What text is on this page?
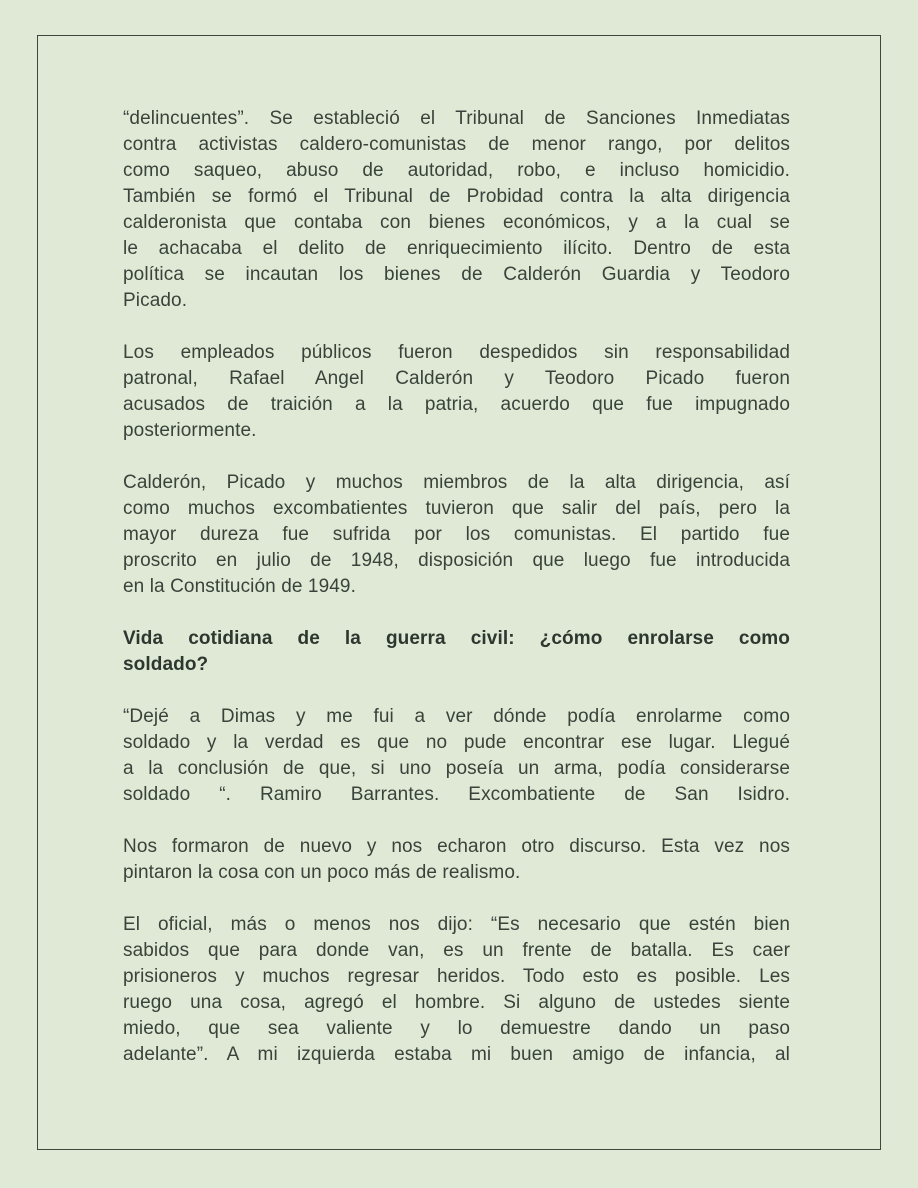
“delincuentes”. Se estableció el Tribunal de Sanciones Inmediatas
contra activistas caldero-comunistas de menor rango, por delitos
como saqueo, abuso de autoridad, robo, e incluso homicidio.
También se formó el Tribunal de Probidad contra la alta dirigencia
calderonista que contaba con bienes económicos, y a la cual se
le achacaba el delito de enriquecimiento ilícito. Dentro de esta
política se incautan los bienes de Calderón Guardia y Teodoro
Picado.
Los empleados públicos fueron despedidos sin responsabilidad
patronal, Rafael Angel Calderón y Teodoro Picado fueron
acusados de traición a la patria, acuerdo que fue impugnado
posteriormente.
Calderón, Picado y muchos miembros de la alta dirigencia, así
como muchos excombatientes tuvieron que salir del país, pero la
mayor dureza fue sufrida por los comunistas. El partido fue
proscrito en julio de 1948, disposición que luego fue introducida
en la Constitución de 1949.
Vida cotidiana de la guerra civil: ¿cómo enrolarse como
soldado?
“Dejé a Dimas y me fui a ver dónde podía enrolarme como
soldado y la verdad es que no pude encontrar ese lugar. Llegué
a la conclusión de que, si uno poseía un arma, podía considerarse
soldado “. Ramiro Barrantes. Excombatiente de San Isidro.
Nos formaron de nuevo y nos echaron otro discurso. Esta vez nos
pintaron la cosa con un poco más de realismo.
El oficial, más o menos nos dijo: “Es necesario que estén bien
sabidos que para donde van, es un frente de batalla. Es caer
prisioneros y muchos regresar heridos. Todo esto es posible. Les
ruego una cosa, agregó el hombre. Si alguno de ustedes siente
miedo, que sea valiente y lo demuestre dando un paso
adelante”. A mi izquierda estaba mi buen amigo de infancia, al
